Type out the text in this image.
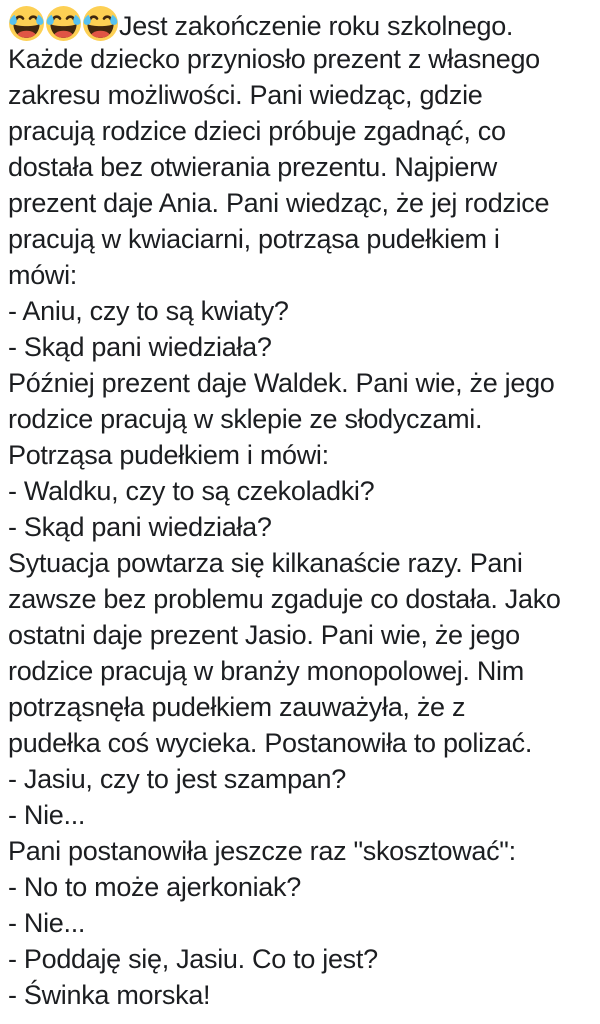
Jest zakończenie roku szkolnego.
Każde dziecko przyniosło prezent z własnego
zakresu możliwości. Pani wiedząc, gdzie
pracują rodzice dzieci próbuje zgadnąć, co
dostała bez otwierania prezentu. Najpierw
prezent daje Ania. Pani wiedząc, że jej rodzice
pracują w kwiaciarni, potrząsa pudełkiem i
mówi:
- Aniu, czy to są kwiaty?
- Skąd pani wiedziała?
Później prezent daje Waldek. Pani wie, że jego
rodzice pracują w sklepie ze słodyczami.
Potrząsa pudełkiem i mówi:
- Waldku, czy to są czekoladki?
- Skąd pani wiedziała?
Sytuacja powtarza się kilkanaście razy. Pani
zawsze bez problemu zgaduje co dostała. Jako
ostatni daje prezent Jasio. Pani wie, że jego
rodzice pracują w branży monopolowej. Nim
potrząsnęła pudełkiem zauważyła, że z
pudełka coś wycieka. Postanowiła to polizać.
- Jasiu, czy to jest szampan?
- Nie...
Pani postanowiła jeszcze raz "skosztować":
- No to może ajerkoniak?
- Nie...
- Poddaję się, Jasiu. Co to jest?
- Świnka morska!
